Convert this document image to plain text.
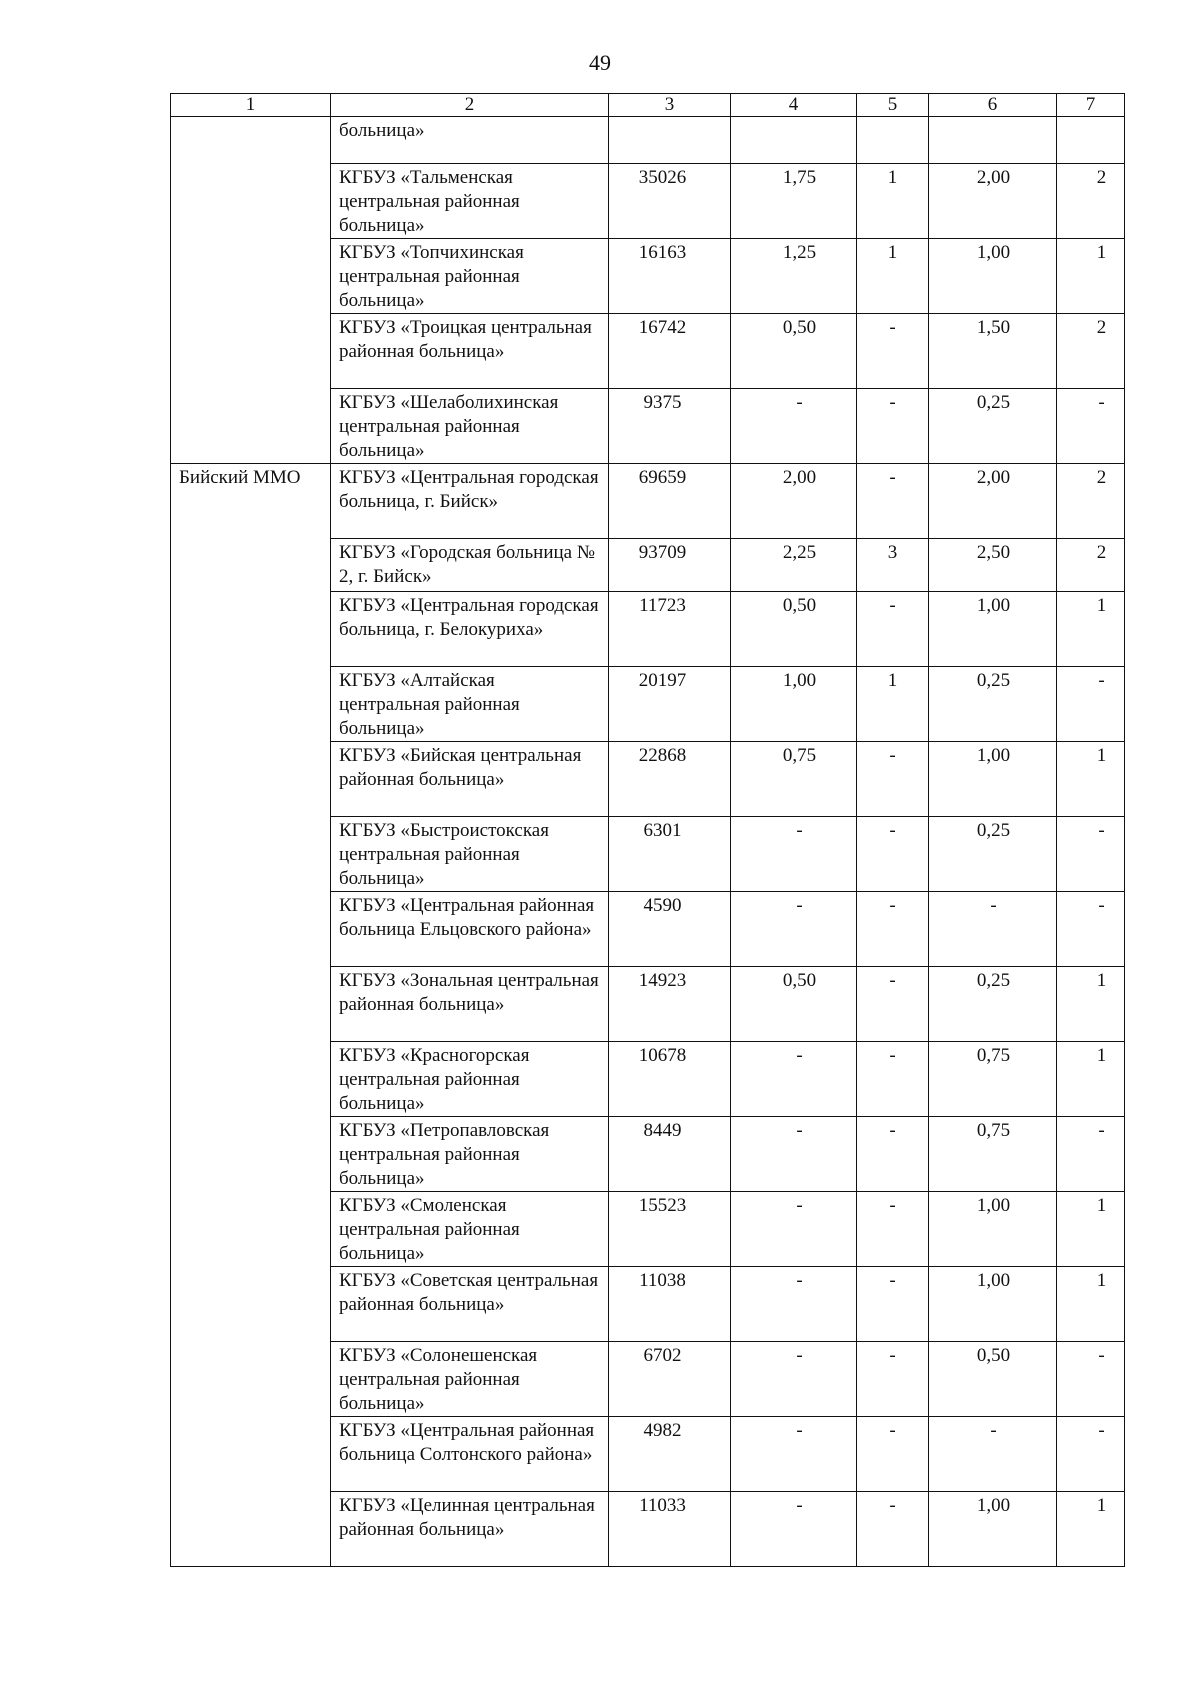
49
1	2	3	4	5	6	7
	больница»					
	КГБУЗ «Тальменская центральная районная больница»	35026	1,75	1	2,00	2
	КГБУЗ «Топчихинская центральная районная больница»	16163	1,25	1	1,00	1
	КГБУЗ «Троицкая центральная районная больница»	16742	0,50	-	1,50	2
	КГБУЗ «Шелаболихинская центральная районная больница»	9375	-	-	0,25	-
Бийский ММО	КГБУЗ «Центральная городская больница, г. Бийск»	69659	2,00	-	2,00	2
	КГБУЗ «Городская больница № 2, г. Бийск»	93709	2,25	3	2,50	2
	КГБУЗ «Центральная городская больница, г. Белокуриха»	11723	0,50	-	1,00	1
	КГБУЗ «Алтайская центральная районная больница»	20197	1,00	1	0,25	-
	КГБУЗ «Бийская центральная районная больница»	22868	0,75	-	1,00	1
	КГБУЗ «Быстроистокская центральная районная больница»	6301	-	-	0,25	-
	КГБУЗ «Центральная районная больница Ельцовского района»	4590	-	-	-	-
	КГБУЗ «Зональная центральная районная больница»	14923	0,50	-	0,25	1
	КГБУЗ «Красногорская центральная районная больница»	10678	-	-	0,75	1
	КГБУЗ «Петропавловская центральная районная больница»	8449	-	-	0,75	-
	КГБУЗ «Смоленская центральная районная больница»	15523	-	-	1,00	1
	КГБУЗ «Советская центральная районная больница»	11038	-	-	1,00	1
	КГБУЗ «Солонешенская центральная районная больница»	6702	-	-	0,50	-
	КГБУЗ «Центральная районная больница Солтонского района»	4982	-	-	-	-
	КГБУЗ «Целинная центральная районная больница»	11033	-	-	1,00	1
